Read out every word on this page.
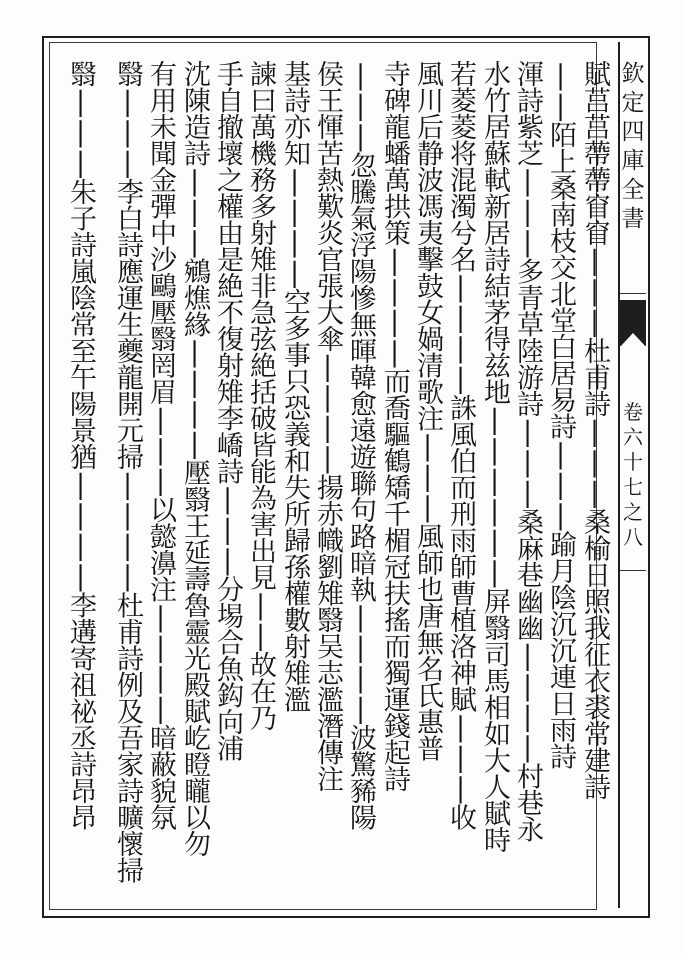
欽定四庫全書
卷六十七之八
賦莒莒蔕蔕窅窅|||杜甫詩|||桑榆日照我征衣裘常建詩
||陌上桑南枝交北堂白居易詩|||踰月陰沉沉連日雨詩
渾詩紫芝|||多青草陸游詩|||桑麻巷幽幽||||村巷永
水竹居蘇軾新居詩結茅得兹地||||||屏翳司馬相如大人賦時
若菱菱将混濁兮名||||誅風伯而刑雨師曹植洛神賦|||收
風川后静波馮夷擊鼓女媧清歌注|||風師也唐無名氏惠普
寺碑龍蟠萬拱策||||而喬驅鶴矯千楣冠扶搖而獨運錢起詩
|||忽騰氣浮陽慘無暉韓愈遠遊聯句路暗執||||波驚豨陽
侯王惲苦熱歎炎官張大傘||||揚赤幟劉雉翳吴志濫潛傳注
基詩亦知||||空多事只恐義和失所歸孫權數射雉濫
諫曰萬機務多射雉非急弦絶括破皆能為害出見||故在乃
手自撤壞之權由是絶不復射雉李嶠詩|||分埸合魚鈎向浦
沈陳造詩|||鵷燋緣||||壓翳王延壽魯靈光殿賦屹瞪矓以勿
有用未聞金彈中沙鷗壓翳罔眉|||以懿濞注||||暗蔽貌氛
翳|||李白詩應運生夔龍開元掃||||杜甫詩例及吾家詩曠懷掃
翳|||朱子詩嵐陰常至午陽景猶||||李遘寄祖祕丞詩昂昂
